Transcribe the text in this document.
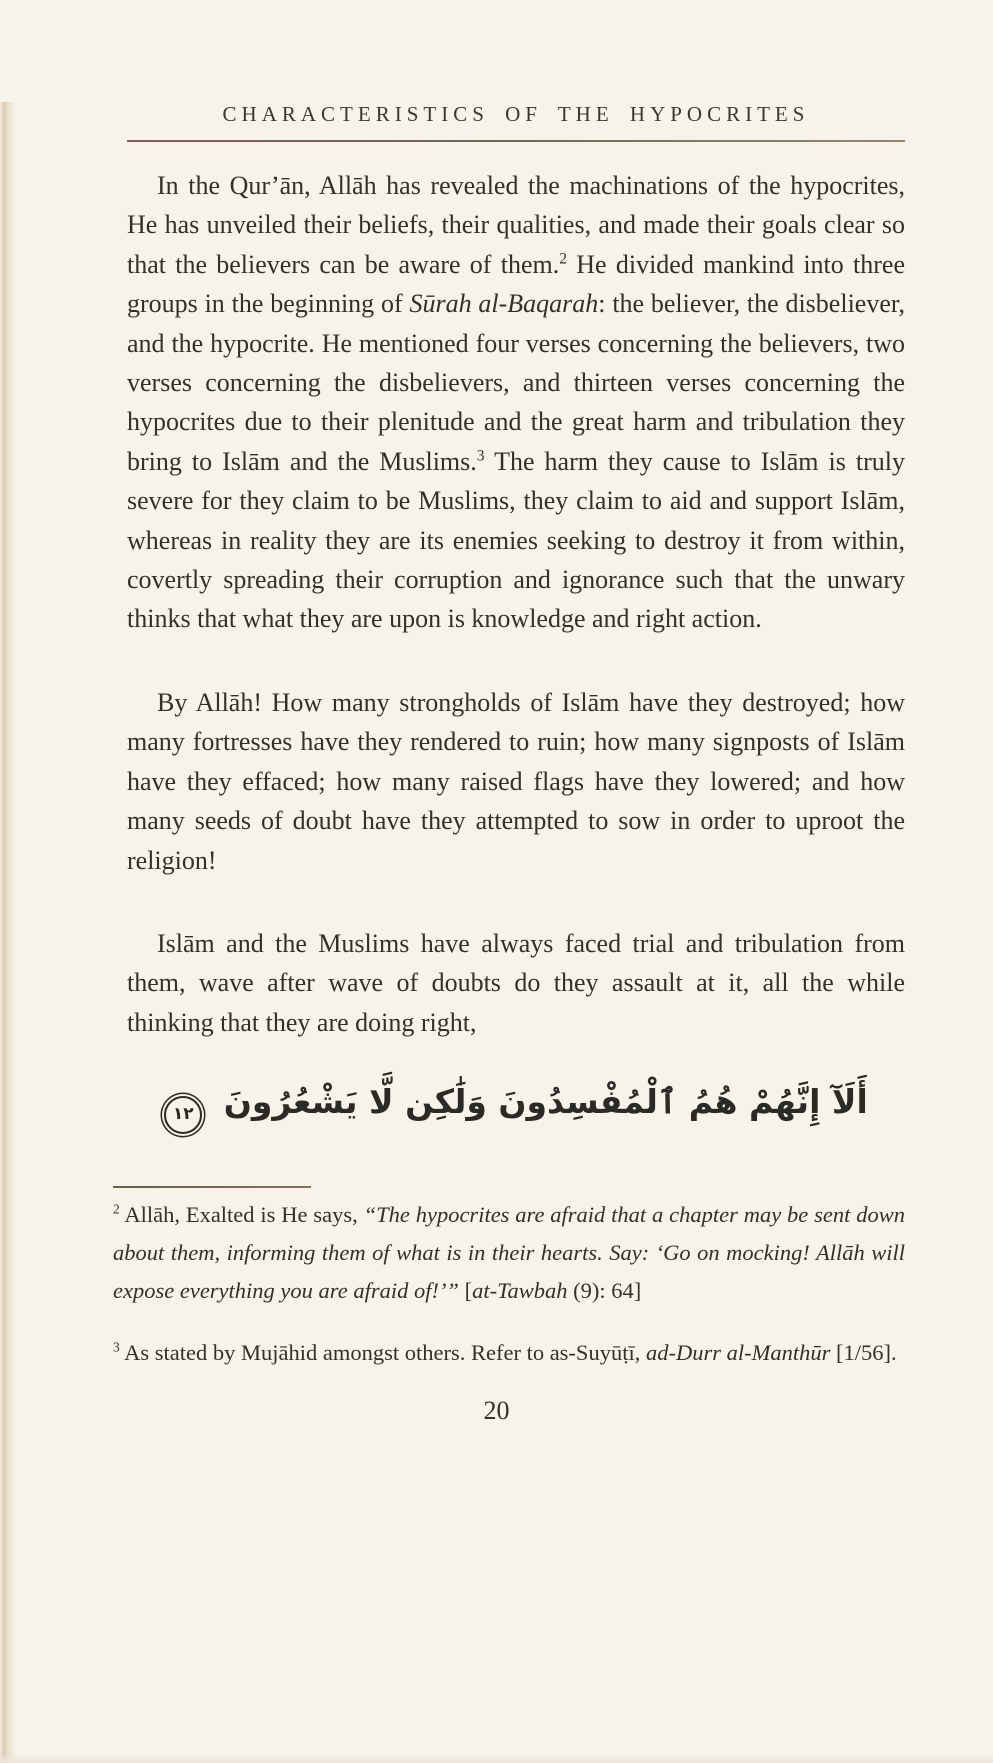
CHARACTERISTICS OF THE HYPOCRITES

In the Qur’ān, Allāh has revealed the machinations of the hypocrites, He has unveiled their beliefs, their qualities, and made their goals clear so that the believers can be aware of them.$^2$ He divided mankind into three groups in the beginning of Sūrah al-Baqarah: the believer, the disbeliever, and the hypocrite. He mentioned four verses concerning the believers, two verses concerning the disbelievers, and thirteen verses concerning the hypocrites due to their plenitude and the great harm and tribulation they bring to Islām and the Muslims.$^3$ The harm they cause to Islām is truly severe for they claim to be Muslims, they claim to aid and support Islām, whereas in reality they are its enemies seeking to destroy it from within, covertly spreading their corruption and ignorance such that the unwary thinks that what they are upon is knowledge and right action.

By Allāh! How many strongholds of Islām have they destroyed; how many fortresses have they rendered to ruin; how many signposts of Islām have they effaced; how many raised flags have they lowered; and how many seeds of doubt have they attempted to sow in order to uproot the religion!

Islām and the Muslims have always faced trial and tribulation from them, wave after wave of doubts do they assault at it, all the while thinking that they are doing right,

أَلَآ إِنَّهُمْ هُمُ ٱلْمُفْسِدُونَ وَلَٰكِن لَّا يَشْعُرُونَ
١٢

$^2$ Allāh, Exalted is He says, “The hypocrites are afraid that a chapter may be sent down about them, informing them of what is in their hearts. Say: ‘Go on mocking! Allāh will expose everything you are afraid of!’” [at-Tawbah (9): 64]

$^3$ As stated by Mujāhid amongst others. Refer to as-Suyūṭī, ad-Durr al-Manthūr [1/56].

20
